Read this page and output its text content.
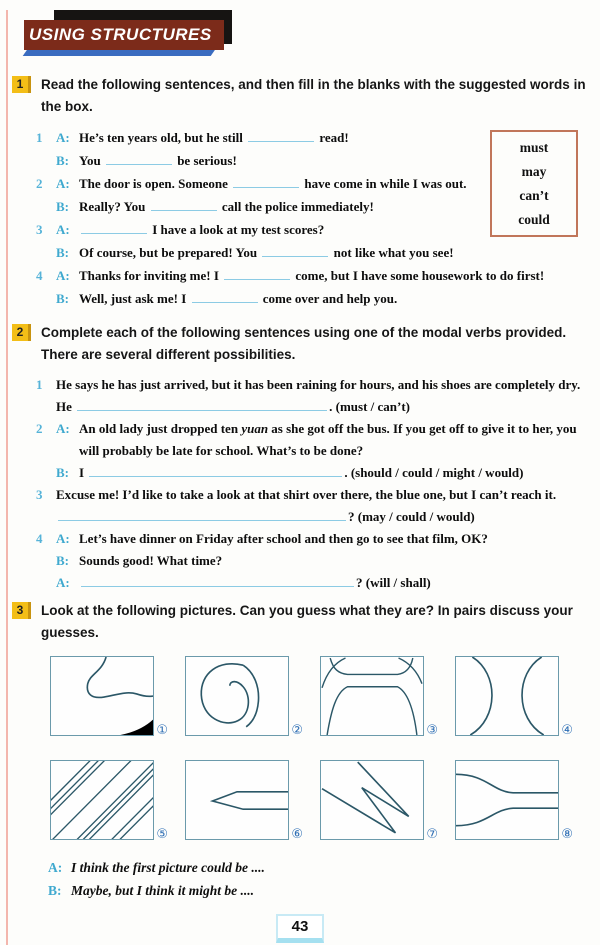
USING STRUCTURES
1	Read the following sentences, and then fill in the blanks with the suggested words in the box.
1 A: He’s ten years old, but he still	read!
B: You	be serious!
2 A: The door is open. Someone	have come in while I was out.
B: Really? You	call the police immediately!
3 A:	I have a look at my test scores?
B: Of course, but be prepared! You	not like what you see!
4 A: Thanks for inviting me! I	come, but I have some housework to do first!
B: Well, just ask me! I	come over and help you.
must
may
can’t
could
2	Complete each of the following sentences using one of the modal verbs provided. There are several different possibilities.
1 He says he has just arrived, but it has been raining for hours, and his shoes are completely dry.
He	. (must / can’t)
2 A: An old lady just dropped ten yuan as she got off the bus. If you get off to give it to her, you
will probably be late for school. What’s to be done?
B: I	. (should / could / might / would)
3 Excuse me! I’d like to take a look at that shirt over there, the blue one, but I can’t reach it.
? (may / could / would)
4 A: Let’s have dinner on Friday after school and then go to see that film, OK?
B: Sounds good! What time?
A:	? (will / shall)
3	Look at the following pictures. Can you guess what they are? In pairs discuss your guesses.
①	②	③	④
⑤	⑥	⑦	⑧
A: I think the first picture could be ....
B: Maybe, but I think it might be ....
43
